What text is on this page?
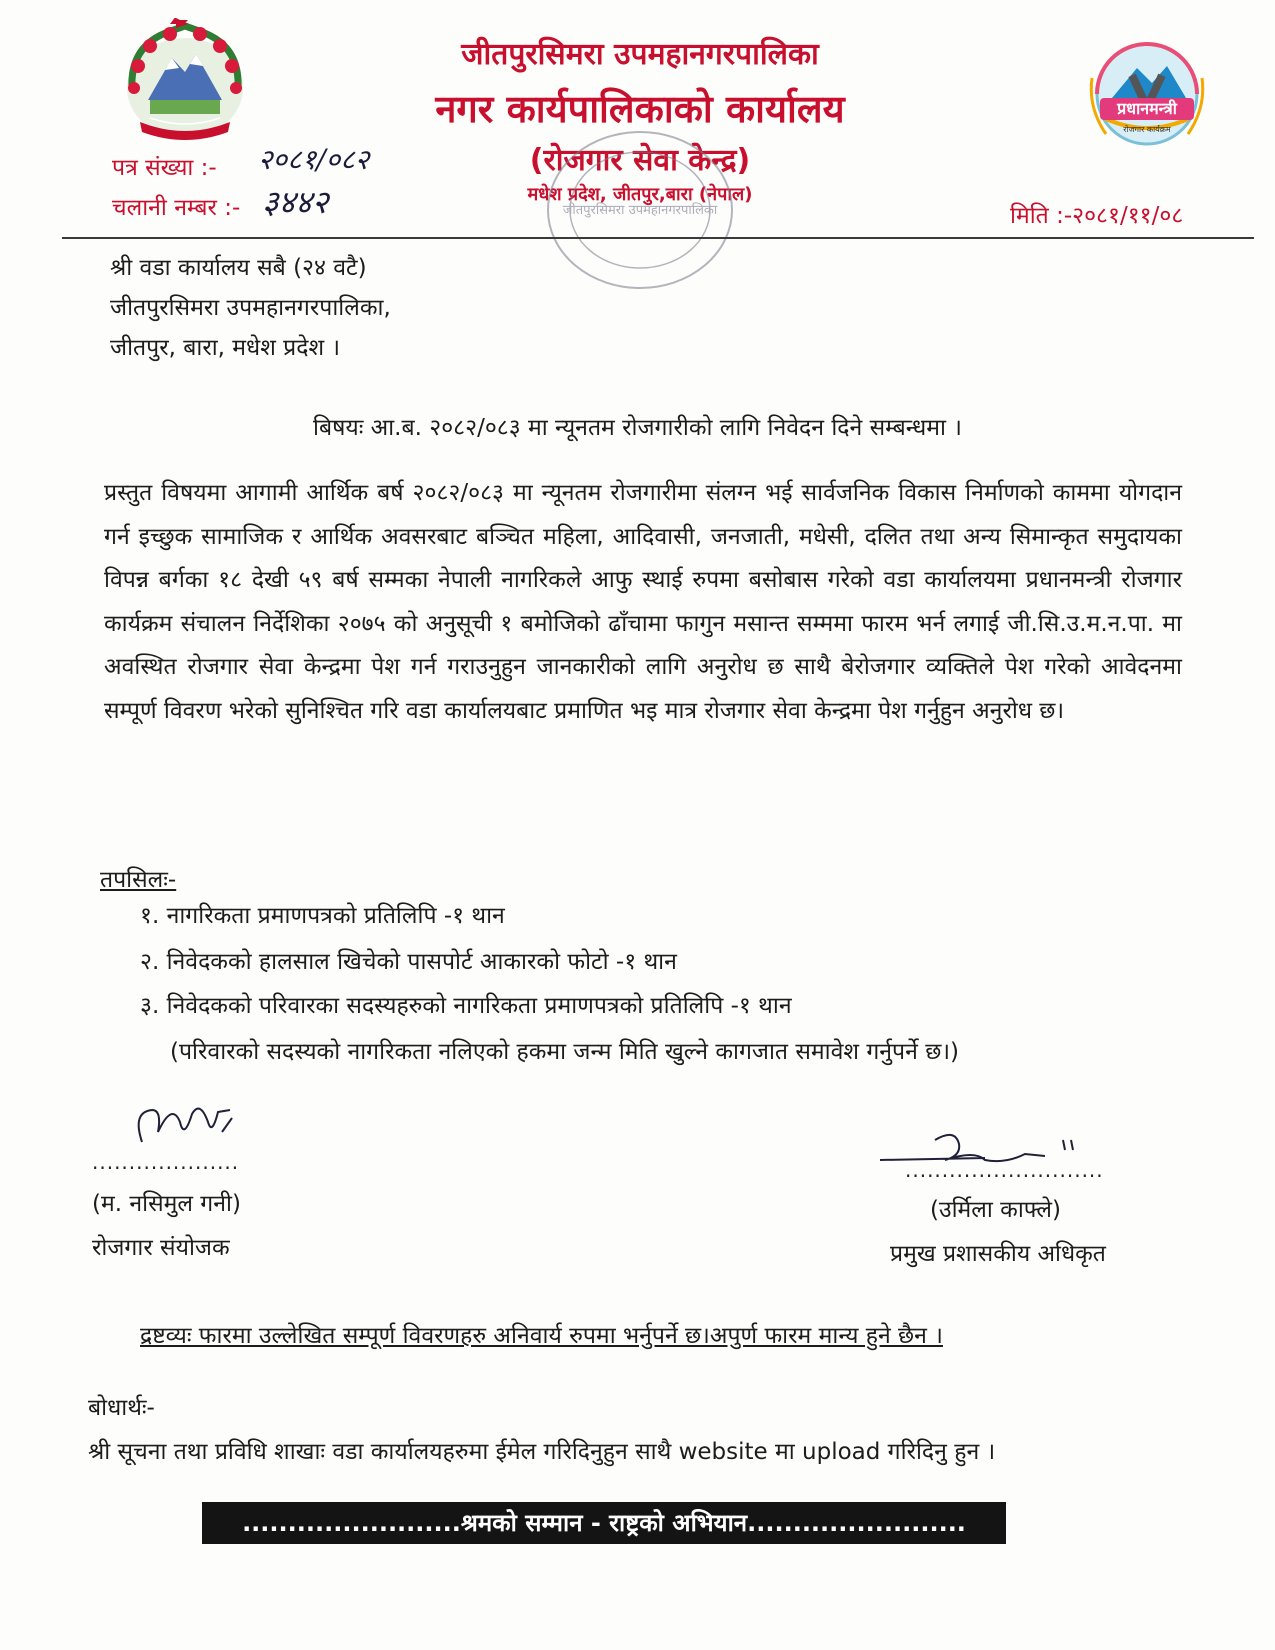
प्रधानमन्त्री
रोजगार कार्यक्रम
जीतपुरसिमरा उपमहानगरपालिका
नगर कार्यपालिकाको कार्यालय
(रोजगार सेवा केन्द्र)
मधेश प्रदेश, जीतपुर,बारा (नेपाल)
जीतपुरसिमरा उपमहानगरपालिका
पत्र संख्या :- २०८१/०८२
चलानी नम्बर :- ३४४२	मिति :-२०८१/११/०८
श्री वडा कार्यालय सबै (२४ वटै)
जीतपुरसिमरा उपमहानगरपालिका,
जीतपुर, बारा, मधेश प्रदेश ।
बिषयः आ.ब. २०८२/०८३ मा न्यूनतम रोजगारीको लागि निवेदन दिने सम्बन्धमा ।
प्रस्तुत विषयमा आगामी आर्थिक बर्ष २०८२/०८३ मा न्यूनतम रोजगारीमा संलग्न भई सार्वजनिक विकास निर्माणको काममा योगदान गर्न इच्छुक सामाजिक र आर्थिक अवसरबाट बञ्चित महिला, आदिवासी, जनजाती, मधेसी, दलित तथा अन्य सिमान्कृत समुदायका विपन्न बर्गका १८ देखी ५९ बर्ष सम्मका नेपाली नागरिकले आफु स्थाई रुपमा बसोबास गरेको वडा कार्यालयमा प्रधानमन्त्री रोजगार कार्यक्रम संचालन निर्देशिका २०७५ को अनुसूची १ बमोजिको ढाँचामा फागुन मसान्त सम्ममा फारम भर्न लगाई जी.सि.उ.म.न.पा. मा अवस्थित रोजगार सेवा केन्द्रमा पेश गर्न गराउनुहुन जानकारीको लागि अनुरोध छ साथै बेरोजगार व्यक्तिले पेश गरेको आवेदनमा सम्पूर्ण विवरण भरेको सुनिश्चित गरि वडा कार्यालयबाट प्रमाणित भइ मात्र रोजगार सेवा केन्द्रमा पेश गर्नुहुन अनुरोध छ।
तपसिलः-
१. नागरिकता प्रमाणपत्रको प्रतिलिपि -१ थान
२. निवेदकको हालसाल खिचेको पासपोर्ट आकारको फोटो -१ थान
३. निवेदकको परिवारका सदस्यहरुको नागरिकता प्रमाणपत्रको प्रतिलिपि -१ थान
(परिवारको सदस्यको नागरिकता नलिएको हकमा जन्म मिति खुल्ने कागजात समावेश गर्नुपर्ने छ।)
....................
(म. नसिमुल गनी)
रोजगार संयोजक
...........................
(उर्मिला काफ्ले)
प्रमुख प्रशासकीय अधिकृत
द्रष्टव्यः फारमा उल्लेखित सम्पूर्ण विवरणहरु अनिवार्य रुपमा भर्नुपर्ने छ।अपुर्ण फारम मान्य हुने छैन ।
बोधार्थः-
श्री सूचना तथा प्रविधि शाखाः वडा कार्यालयहरुमा ईमेल गरिदिनुहुन साथै website मा upload गरिदिनु हुन ।
........................श्रमको सम्मान - राष्ट्रको अभियान........................
